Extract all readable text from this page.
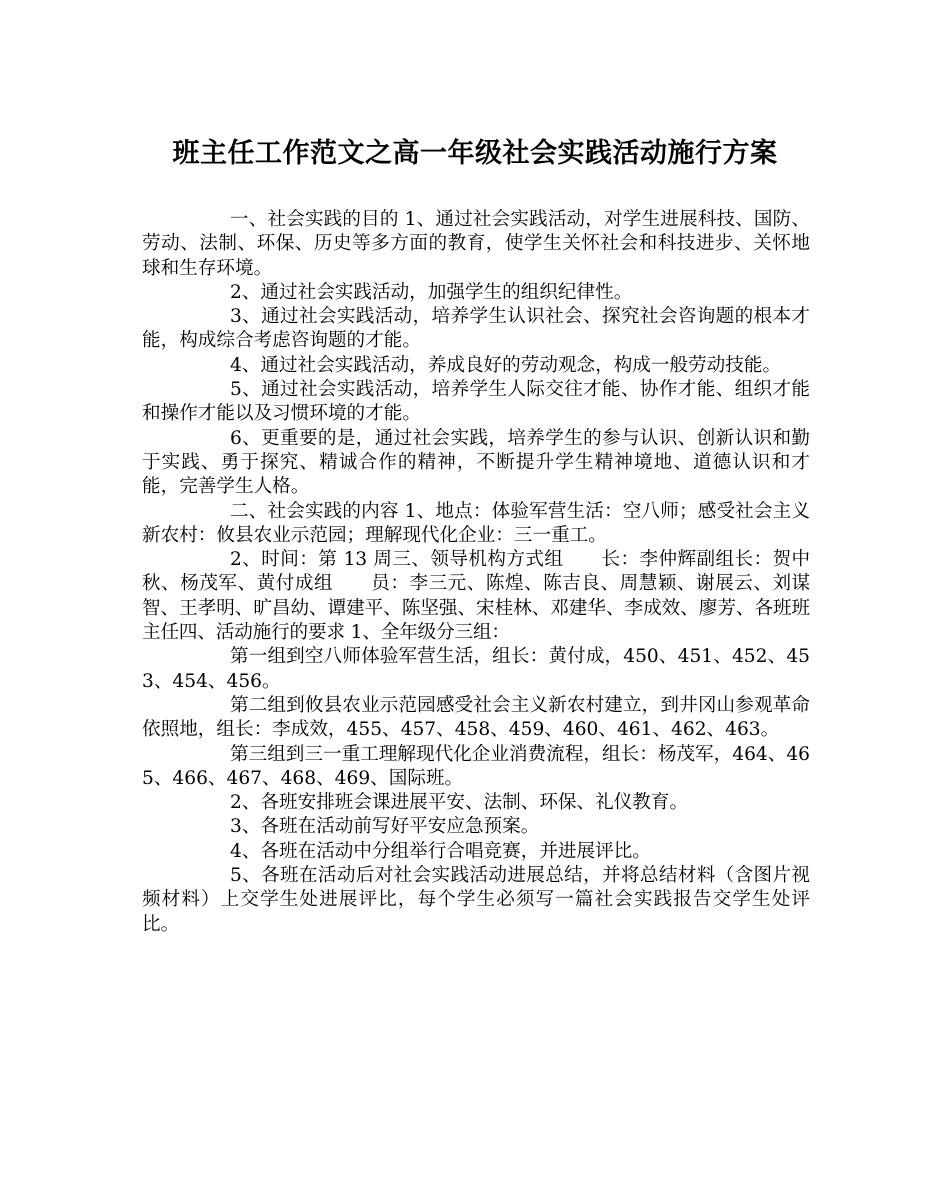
班主任工作范文之高一年级社会实践活动施行方案

一、社会实践的目的 1、通过社会实践活动，对学生进展科技、国防、劳动、法制、环保、历史等多方面的教育，使学生关怀社会和科技进步、关怀地球和生存环境。

2、通过社会实践活动，加强学生的组织纪律性。

3、通过社会实践活动，培养学生认识社会、探究社会咨询题的根本才能，构成综合考虑咨询题的才能。

4、通过社会实践活动，养成良好的劳动观念，构成一般劳动技能。

5、通过社会实践活动，培养学生人际交往才能、协作才能、组织才能和操作才能以及习惯环境的才能。

6、更重要的是，通过社会实践，培养学生的参与认识、创新认识和勤于实践、勇于探究、精诚合作的精神，不断提升学生精神境地、道德认识和才能，完善学生人格。

二、社会实践的内容 1、地点：体验军营生活：空八师；感受社会主义新农村：攸县农业示范园；理解现代化企业：三一重工。

2、时间：第 13 周三、领导机构方式组　　长：李仲辉副组长：贺中秋、杨茂军、黄付成组　　员：李三元、陈煌、陈吉良、周慧颖、谢展云、刘谋智、王孝明、旷昌幼、谭建平、陈坚强、宋桂林、邓建华、李成效、廖芳、各班班主任四、活动施行的要求 1、全年级分三组：

第一组到空八师体验军营生活，组长：黄付成，450、451、452、453、454、456。

第二组到攸县农业示范园感受社会主义新农村建立，到井冈山参观革命依照地，组长：李成效，455、457、458、459、460、461、462、463。

第三组到三一重工理解现代化企业消费流程，组长：杨茂军，464、465、466、467、468、469、国际班。

2、各班安排班会课进展平安、法制、环保、礼仪教育。

3、各班在活动前写好平安应急预案。

4、各班在活动中分组举行合唱竞赛，并进展评比。

5、各班在活动后对社会实践活动进展总结，并将总结材料（含图片视频材料）上交学生处进展评比，每个学生必须写一篇社会实践报告交学生处评比。
